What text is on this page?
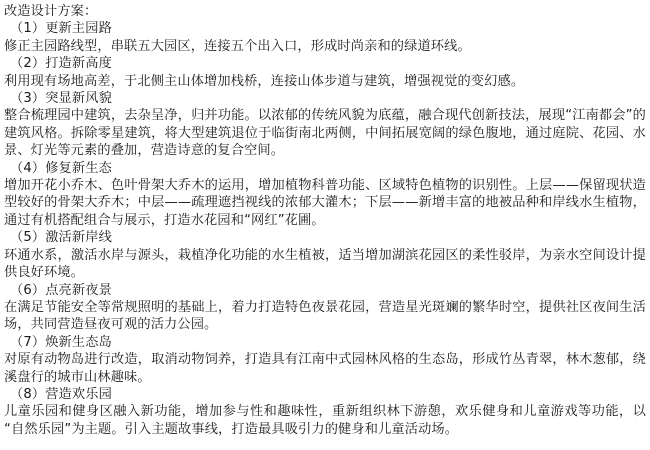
改造设计方案：

（1）更新主园路

修正主园路线型，串联五大园区，连接五个出入口，形成时尚亲和的绿道环线。

（2）打造新高度

利用现有场地高差，于北侧主山体增加栈桥，连接山体步道与建筑，增强视觉的变幻感。

（3）突显新风貌

整合梳理园中建筑，去杂呈净，归并功能。以浓郁的传统风貌为底蕴，融合现代创新技法，展现“江南都会”的建筑风格。拆除零星建筑，将大型建筑退位于临街南北两侧，中间拓展宽阔的绿色腹地，通过庭院、花园、水景、灯光等元素的叠加，营造诗意的复合空间。

（4）修复新生态

增加开花小乔木、色叶骨架大乔木的运用，增加植物科普功能、区域特色植物的识别性。上层——保留现状造型较好的骨架大乔木；中层——疏理遮挡视线的浓郁大灌木；下层——新增丰富的地被品种和岸线水生植物，通过有机搭配组合与展示，打造水花园和“网红”花圃。

（5）激活新岸线

环通水系，激活水岸与源头，栽植净化功能的水生植被，适当增加湖滨花园区的柔性驳岸，为亲水空间设计提供良好环境。

（6）点亮新夜景

在满足节能安全等常规照明的基础上，着力打造特色夜景花园，营造星光斑斓的繁华时空，提供社区夜间生活场，共同营造昼夜可观的活力公园。

（7）焕新生态岛

对原有动物岛进行改造，取消动物饲养，打造具有江南中式园林风格的生态岛，形成竹丛青翠，林木葱郁，绕溪盘行的城市山林趣味。

（8）营造欢乐园

儿童乐园和健身区融入新功能，增加参与性和趣味性，重新组织林下游憩，欢乐健身和儿童游戏等功能，以 “自然乐园”为主题。引入主题故事线，打造最具吸引力的健身和儿童活动场。
